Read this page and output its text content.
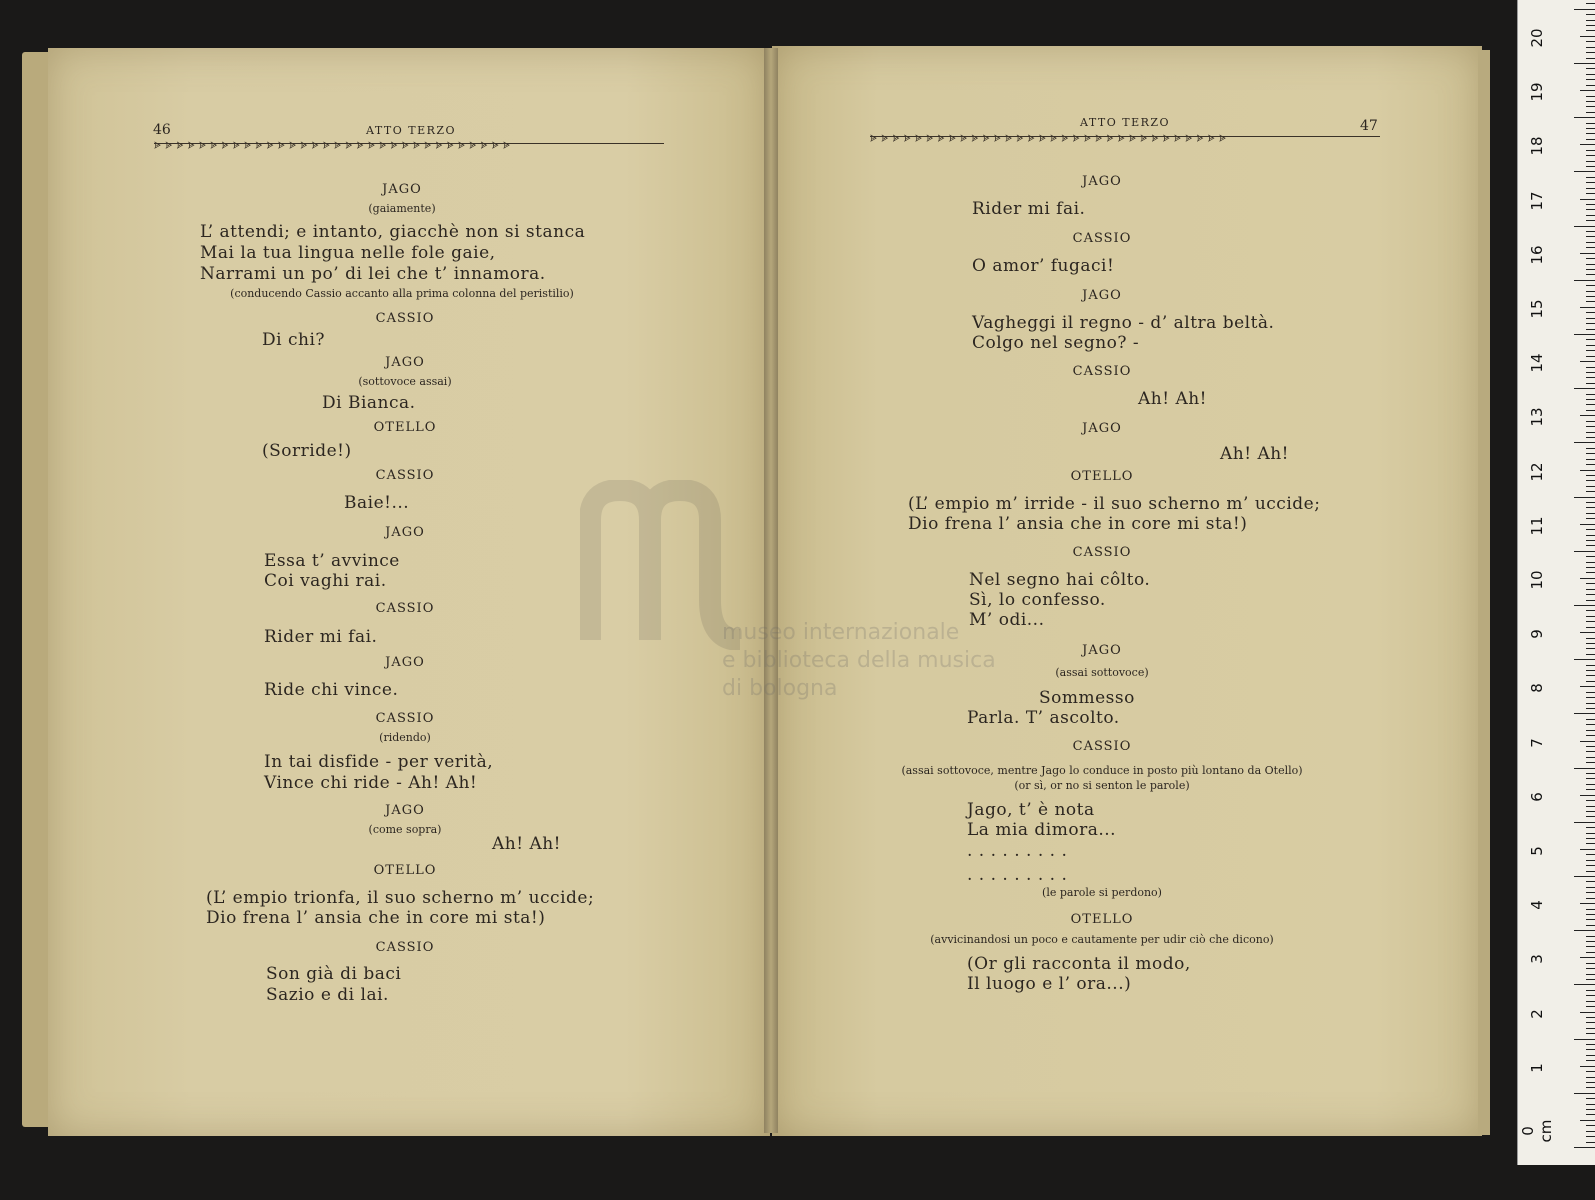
46	ATTO TERZO
ᗎᗎᗎᗎᗎᗎᗎᗎᗎᗎᗎᗎᗎᗎᗎᗎᗎᗎᗎᗎᗎᗎᗎᗎᗎᗎᗎᗎᗎᗎᗎᗎ
ATTO TERZO	47
ᗎᗎᗎᗎᗎᗎᗎᗎᗎᗎᗎᗎᗎᗎᗎᗎᗎᗎᗎᗎᗎᗎᗎᗎᗎᗎᗎᗎᗎᗎᗎᗎ
museo internazionale
e biblioteca della musica
di bologna
JAGO
(gaiamente)
L’ attendi; e intanto, giacchè non si stanca
Mai la tua lingua nelle fole gaie,
Narrami un po’ di lei che t’ innamora.
(conducendo Cassio accanto alla prima colonna del peristilio)
CASSIO
Di chi?
JAGO
(sottovoce assai)
Di Bianca.
OTELLO
(Sorride!)
CASSIO
Baie!...
JAGO
Essa t’ avvince
Coi vaghi rai.
CASSIO
Rider mi fai.
JAGO
Ride chi vince.
CASSIO
(ridendo)
In tai disfide - per verità,
Vince chi ride - Ah! Ah!
JAGO
(come sopra)
Ah! Ah!
OTELLO
(L’ empio trionfa, il suo scherno m’ uccide;
Dio frena l’ ansia che in core mi sta!)
CASSIO
Son già di baci
Sazio e di lai.
JAGO
Rider mi fai.
CASSIO
O amor’ fugaci!
JAGO
Vagheggi il regno - d’ altra beltà.
Colgo nel segno? -
CASSIO
Ah! Ah!
JAGO
Ah! Ah!
OTELLO
(L’ empio m’ irride - il suo scherno m’ uccide;
Dio frena l’ ansia che in core mi sta!)
CASSIO
Nel segno hai côlto.
Sì, lo confesso.
M’ odi...
JAGO
(assai sottovoce)
Sommesso
Parla. T’ ascolto.
CASSIO
(assai sottovoce, mentre Jago lo conduce in posto più lontano da Otello)
(or sì, or no si senton le parole)
Jago, t’ è nota
La mia dimora...
. . . . . . . . .
. . . . . . . . .
(le parole si perdono)
OTELLO
(avvicinandosi un poco e cautamente per udir ciò che dicono)
(Or gli racconta il modo,
Il luogo e l’ ora...)
0 cm
1
2
3
4
5
6
7
8
9
10
11
12
13
14
15
16
17
18
19
20
